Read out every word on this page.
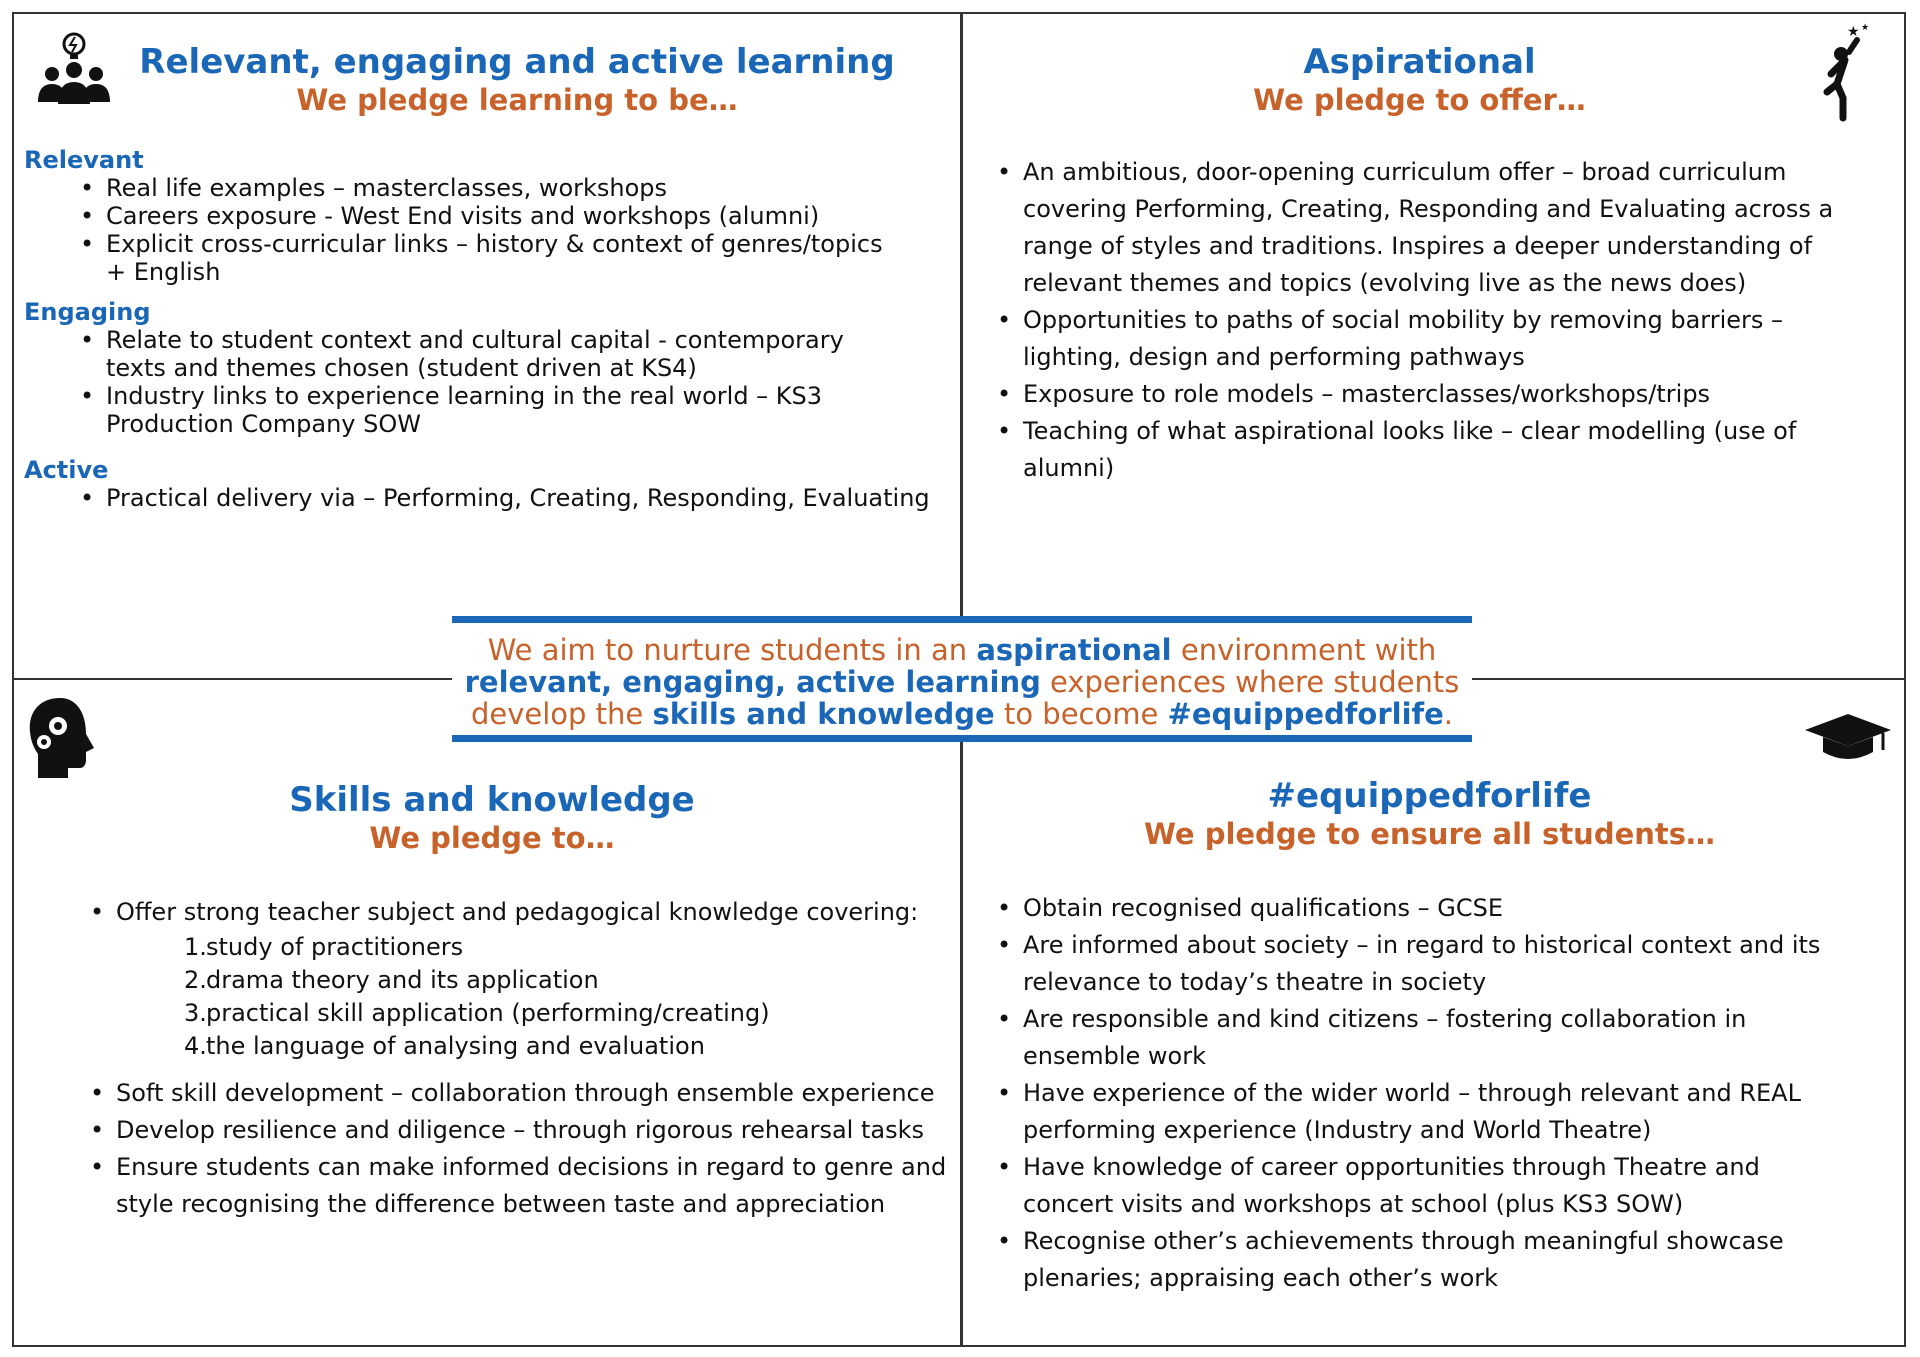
Relevant, engaging and active learning

We pledge learning to be…

Relevant

• Real life examples – masterclasses, workshops
• Careers exposure - West End visits and workshops (alumni)
• Explicit cross-curricular links – history & context of genres/topics + English

Engaging

• Relate to student context and cultural capital - contemporary texts and themes chosen (student driven at KS4)
• Industry links to experience learning in the real world – KS3 Production Company SOW

Active

• Practical delivery via – Performing, Creating, Responding, Evaluating
★ ★

Aspirational

We pledge to offer…

• An ambitious, door-opening curriculum offer – broad curriculum covering Performing, Creating, Responding and Evaluating across a range of styles and traditions. Inspires a deeper understanding of relevant themes and topics (evolving live as the news does)
• Opportunities to paths of social mobility by removing barriers – lighting, design and performing pathways
• Exposure to role models – masterclasses/workshops/trips
• Teaching of what aspirational looks like – clear modelling (use of alumni)

Skills and knowledge

We pledge to…

• Offer strong teacher subject and pedagogical knowledge covering:
1.study of practitioners
2.drama theory and its application
3.practical skill application (performing/creating)
4.the language of analysing and evaluation
• Soft skill development – collaboration through ensemble experience
• Develop resilience and diligence – through rigorous rehearsal tasks
• Ensure students can make informed decisions in regard to genre and style recognising the difference between taste and appreciation

#equippedforlife

We pledge to ensure all students…

• Obtain recognised qualifications – GCSE
• Are informed about society – in regard to historical context and its relevance to today’s theatre in society
• Are responsible and kind citizens – fostering collaboration in ensemble work
• Have experience of the wider world – through relevant and REAL performing experience (Industry and World Theatre)
• Have knowledge of career opportunities through Theatre and concert visits and workshops at school (plus KS3 SOW)
• Recognise other’s achievements through meaningful showcase plenaries; appraising each other’s work
We aim to nurture students in an aspirational environment with
relevant, engaging, active learning experiences where students
develop the skills and knowledge to become #equippedforlife.
